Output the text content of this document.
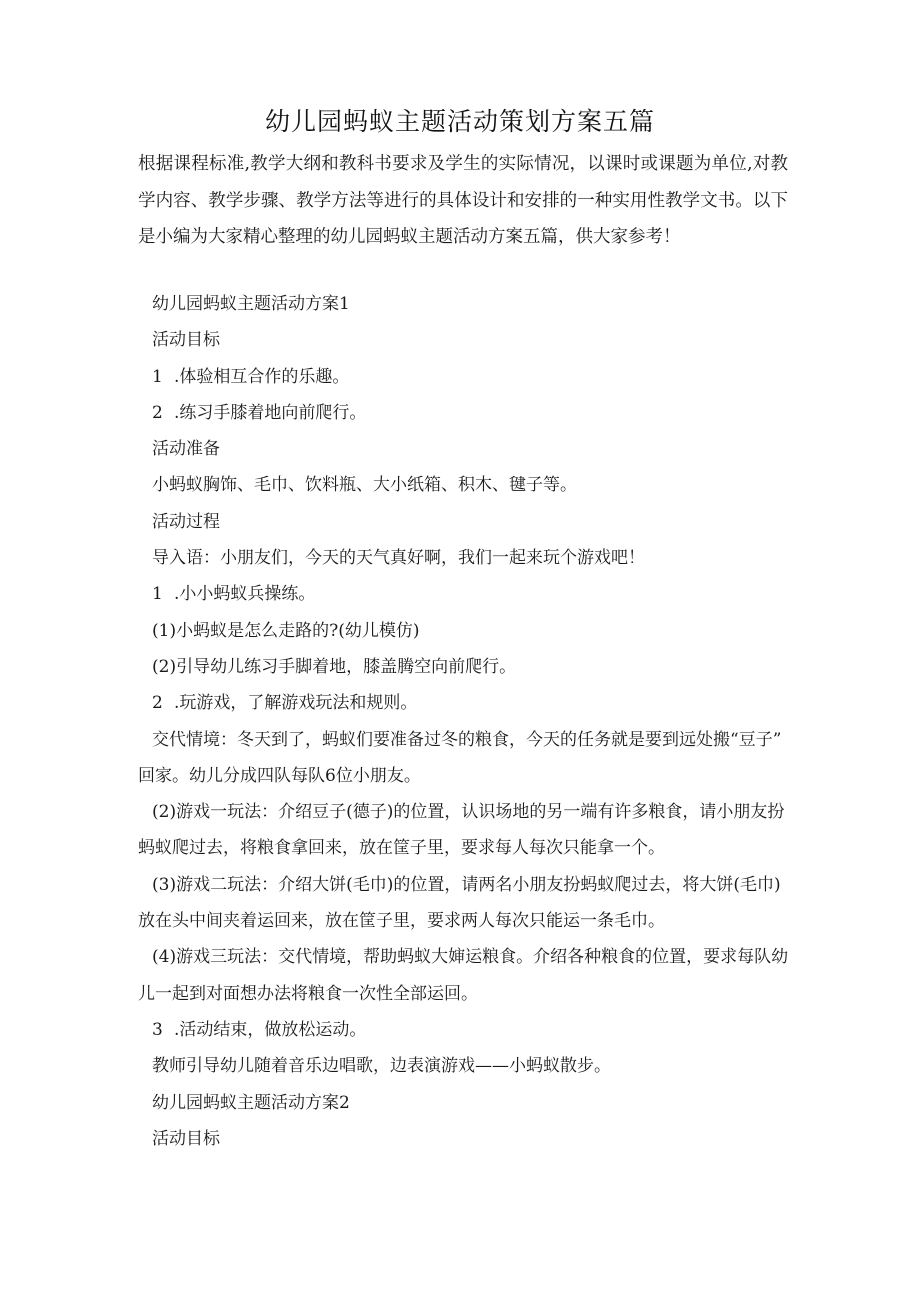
幼儿园蚂蚁主题活动策划方案五篇
根据课程标准,教学大纲和教科书要求及学生的实际情况，以课时或课题为单位,对教学内容、教学步骤、教学方法等进行的具体设计和安排的一种实用性教学文书。以下是小编为大家精心整理的幼儿园蚂蚁主题活动方案五篇，供大家参考！
幼儿园蚂蚁主题活动方案1
活动目标
1 .体验相互合作的乐趣。
2 .练习手膝着地向前爬行。
活动准备
小蚂蚁胸饰、毛巾、饮料瓶、大小纸箱、积木、毽子等。
活动过程
导入语：小朋友们，今天的天气真好啊，我们一起来玩个游戏吧！
1 .小小蚂蚁兵操练。
(1)小蚂蚁是怎么走路的?(幼儿模仿)
(2)引导幼儿练习手脚着地，膝盖腾空向前爬行。
2 .玩游戏，了解游戏玩法和规则。
交代情境：冬天到了，蚂蚁们要准备过冬的粮食，今天的任务就是要到远处搬“豆子”
回家。幼儿分成四队每队6位小朋友。
(2)游戏一玩法：介绍豆子(德子)的位置，认识场地的另一端有许多粮食，请小朋友扮
蚂蚁爬过去，将粮食拿回来，放在筐子里，要求每人每次只能拿一个。
(3)游戏二玩法：介绍大饼(毛巾)的位置，请两名小朋友扮蚂蚁爬过去，将大饼(毛巾)
放在头中间夹着运回来，放在筐子里，要求两人每次只能运一条毛巾。
(4)游戏三玩法：交代情境，帮助蚂蚁大婶运粮食。介绍各种粮食的位置，要求每队幼
儿一起到对面想办法将粮食一次性全部运回。
3 .活动结束，做放松运动。
教师引导幼儿随着音乐边唱歌，边表演游戏——小蚂蚁散步。
幼儿园蚂蚁主题活动方案2
活动目标
